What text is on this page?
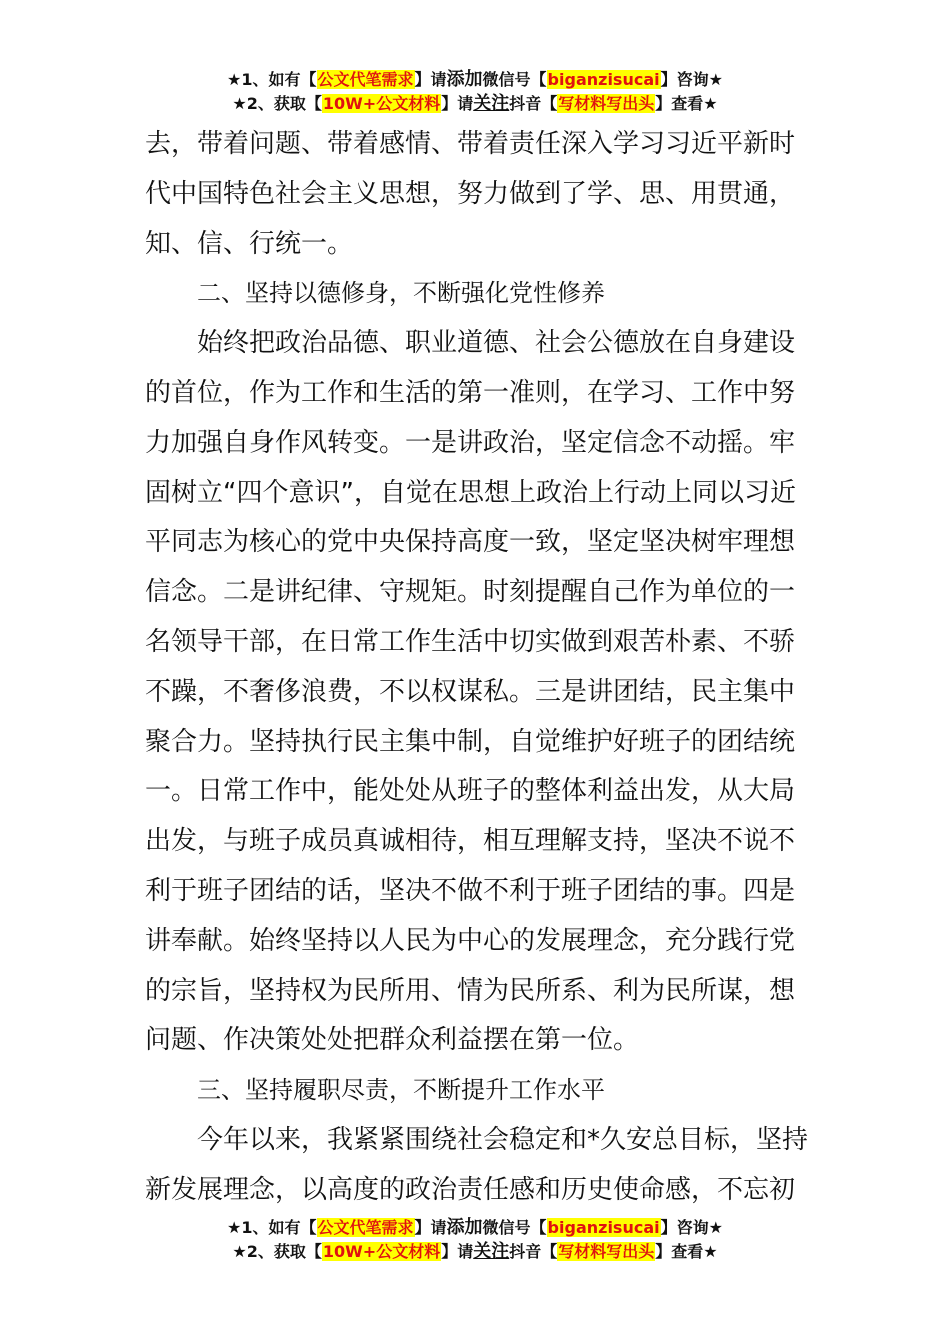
★1、如有【公文代笔需求】请添加微信号【biganzisucai】咨询★
★2、获取【10W+公文材料】请关注抖音【写材料写出头】查看★

去，带着问题、带着感情、带着责任深入学习习近平新时代中国特色社会主义思想，努力做到了学、思、用贯通，知、信、行统一。

二、坚持以德修身，不断强化党性修养

始终把政治品德、职业道德、社会公德放在自身建设的首位，作为工作和生活的第一准则，在学习、工作中努力加强自身作风转变。一是讲政治，坚定信念不动摇。牢固树立“四个意识”，自觉在思想上政治上行动上同以习近平同志为核心的党中央保持高度一致，坚定坚决树牢理想信念。二是讲纪律、守规矩。时刻提醒自己作为单位的一名领导干部，在日常工作生活中切实做到艰苦朴素、不骄不躁，不奢侈浪费，不以权谋私。三是讲团结，民主集中聚合力。坚持执行民主集中制，自觉维护好班子的团结统一。日常工作中，能处处从班子的整体利益出发，从大局出发，与班子成员真诚相待，相互理解支持，坚决不说不利于班子团结的话，坚决不做不利于班子团结的事。四是讲奉献。始终坚持以人民为中心的发展理念，充分践行党的宗旨，坚持权为民所用、情为民所系、利为民所谋，想问题、作决策处处把群众利益摆在第一位。

三、坚持履职尽责，不断提升工作水平

今年以来，我紧紧围绕社会稳定和*久安总目标，坚持新发展理念，以高度的政治责任感和历史使命感，不忘初

★1、如有【公文代笔需求】请添加微信号【biganzisucai】咨询★
★2、获取【10W+公文材料】请关注抖音【写材料写出头】查看★
